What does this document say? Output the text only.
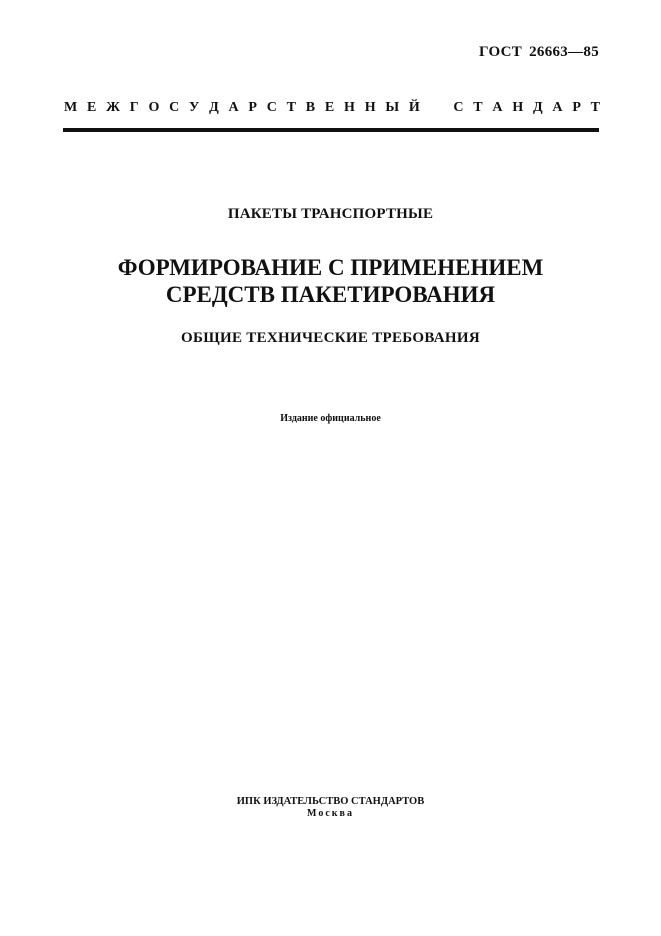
ГОСТ 26663—85
М Е Ж Г О С У Д А Р С Т В Е Н Н Ы Й С Т А Н Д А Р Т
ПАКЕТЫ ТРАНСПОРТНЫЕ
ФОРМИРОВАНИЕ С ПРИМЕНЕНИЕМ
СРЕДСТВ ПАКЕТИРОВАНИЯ
ОБЩИЕ ТЕХНИЧЕСКИЕ ТРЕБОВАНИЯ
Издание официальное
ИПК ИЗДАТЕЛЬСТВО СТАНДАРТОВ
Москва
